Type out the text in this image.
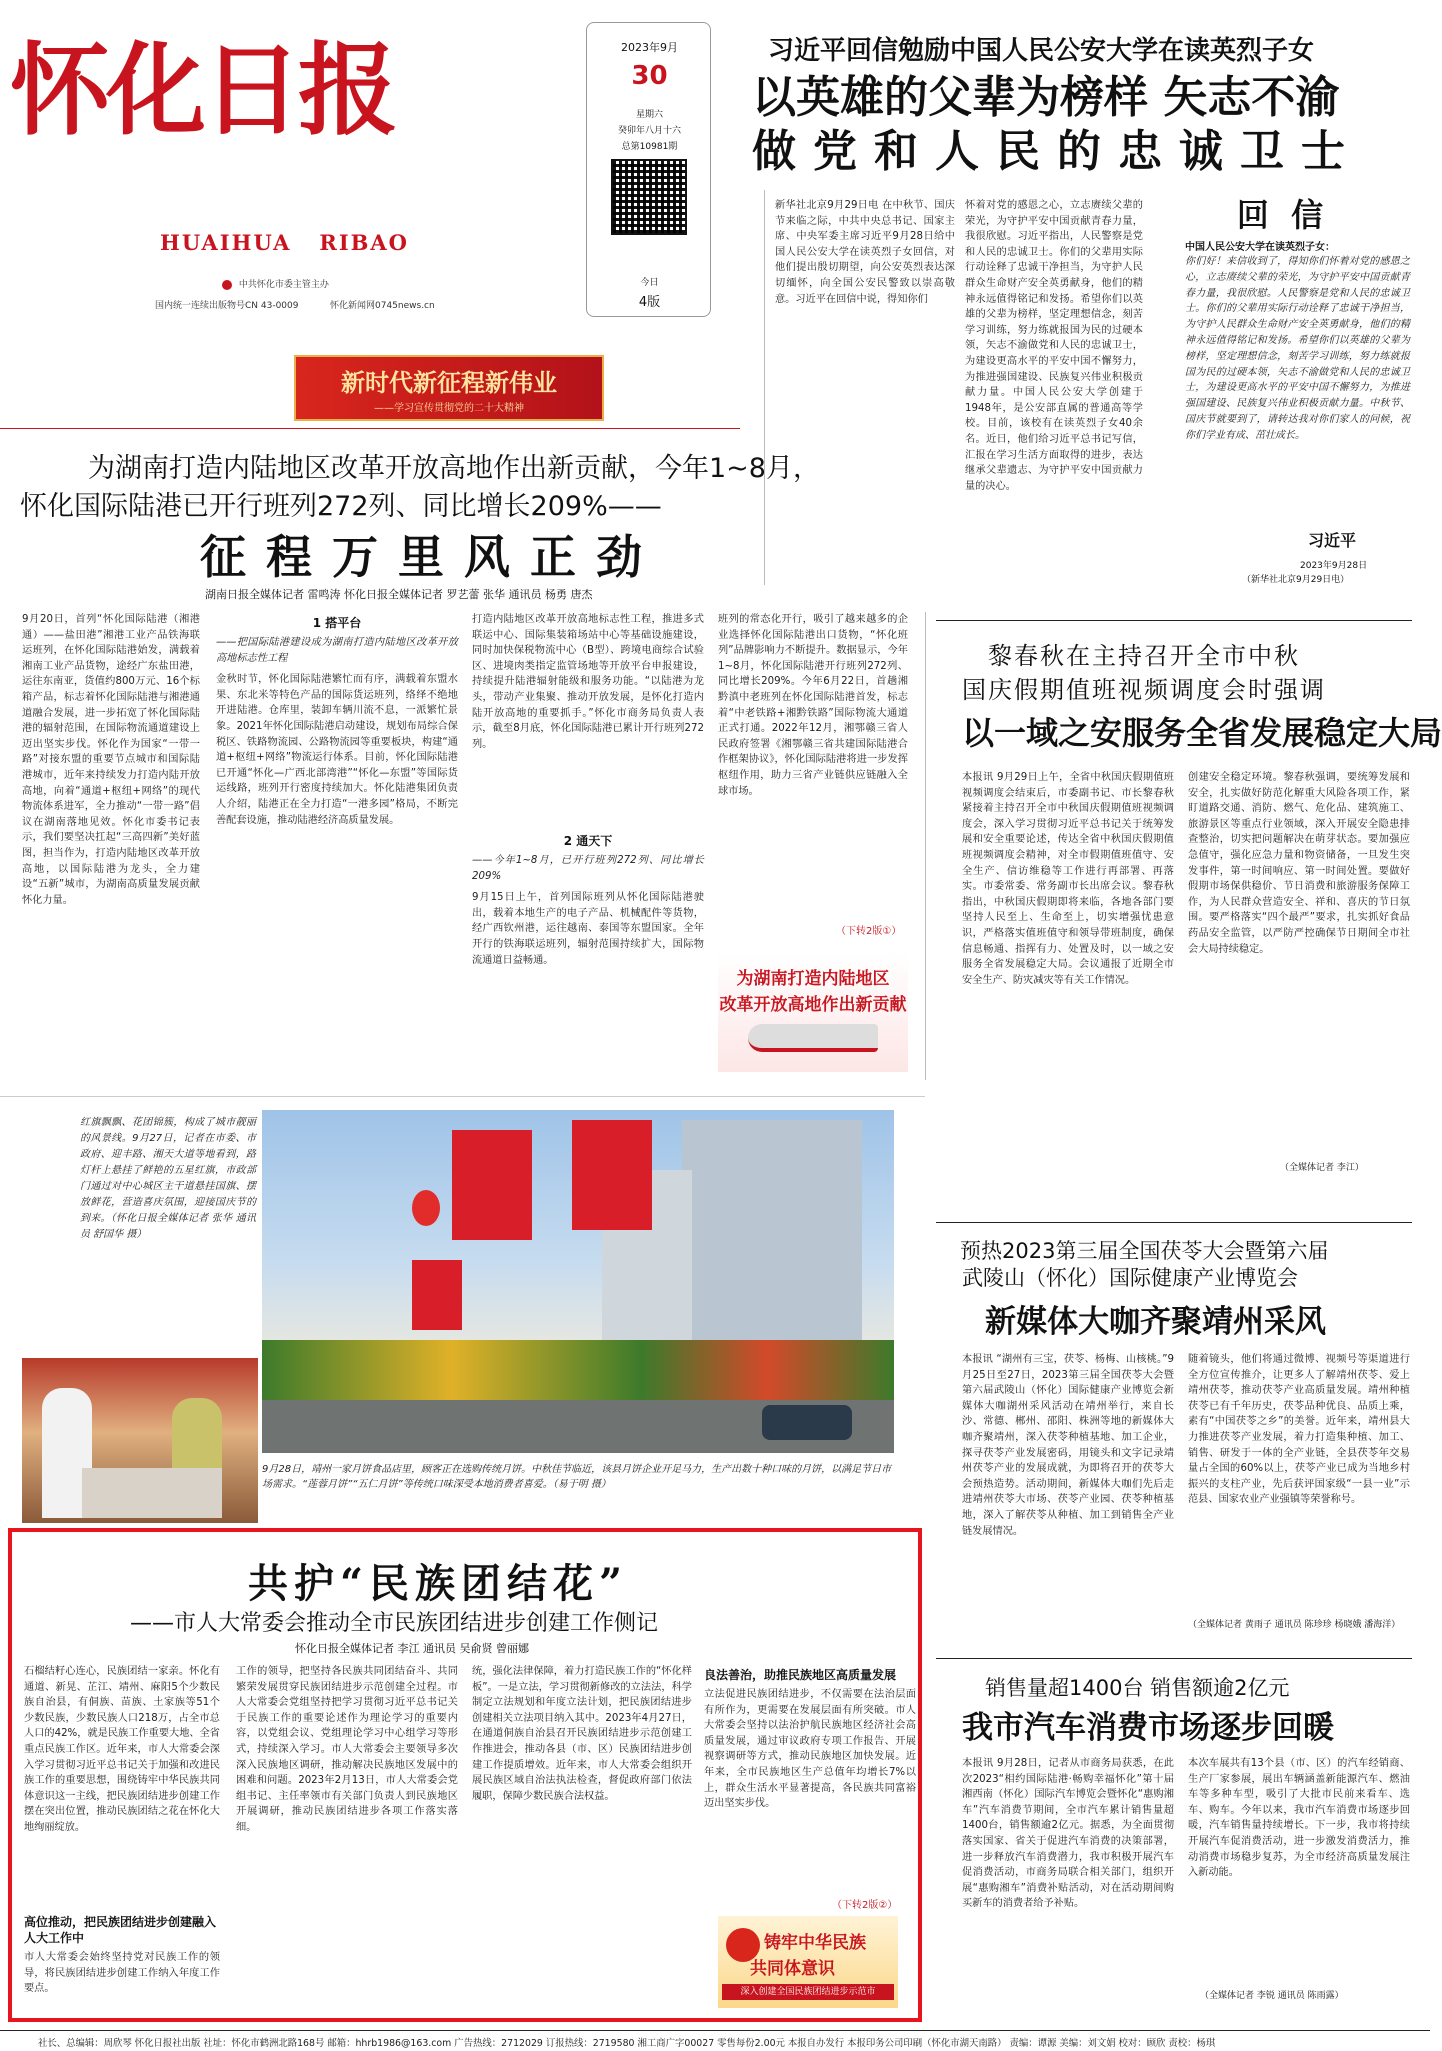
怀化日报
HUAIHUA   RIBAO
中共怀化市委主管主办
国内统一连续出版物号CN 43-0009	怀化新闻网0745news.cn
2023年9月
30
星期六
癸卯年八月十六
总第10981期
今日
4版
新时代新征程新伟业
——学习宣传贯彻党的二十大精神
习近平回信勉励中国人民公安大学在读英烈子女
以英雄的父辈为榜样 矢志不渝
做党和人民的忠诚卫士
新华社北京9月29日电 在中秋节、国庆节来临之际，中共中央总书记、国家主席、中央军委主席习近平9月28日给中国人民公安大学在读英烈子女回信，对他们提出殷切期望，向公安英烈表达深切缅怀，向全国公安民警致以崇高敬意。习近平在回信中说，得知你们
怀着对党的感恩之心，立志赓续父辈的荣光，为守护平安中国贡献青春力量，我很欣慰。习近平指出，人民警察是党和人民的忠诚卫士。你们的父辈用实际行动诠释了忠诚干净担当，为守护人民群众生命财产安全英勇献身，他们的精神永远值得铭记和发扬。希望你们以英雄的父辈为榜样，坚定理想信念，刻苦学习训练，努力练就报国为民的过硬本领，矢志不渝做党和人民的忠诚卫士，为建设更高水平的平安中国不懈努力，为推进强国建设、民族复兴伟业积极贡献力量。中国人民公安大学创建于1948年，是公安部直属的普通高等学校。目前，该校有在读英烈子女40余名。近日，他们给习近平总书记写信，汇报在学习生活方面取得的进步，表达继承父辈遗志、为守护平安中国贡献力量的决心。
回  信
中国人民公安大学在读英烈子女：
你们好！来信收到了，得知你们怀着对党的感恩之心，立志赓续父辈的荣光，为守护平安中国贡献青春力量，我很欣慰。人民警察是党和人民的忠诚卫士。你们的父辈用实际行动诠释了忠诚干净担当，为守护人民群众生命财产安全英勇献身，他们的精神永远值得铭记和发扬。希望你们以英雄的父辈为榜样，坚定理想信念，刻苦学习训练，努力练就报国为民的过硬本领，矢志不渝做党和人民的忠诚卫士，为建设更高水平的平安中国不懈努力，为推进强国建设、民族复兴伟业积极贡献力量。中秋节、国庆节就要到了，请转达我对你们家人的问候，祝你们学业有成、茁壮成长。
习近平
2023年9月28日
（新华社北京9月29日电）
为湖南打造内陆地区改革开放高地作出新贡献，今年1~8月，
怀化国际陆港已开行班列272列、同比增长209%——
征程万里风正劲
湖南日报全媒体记者 雷鸣涛 怀化日报全媒体记者 罗艺蕾 张华 通讯员 杨勇 唐杰
9月20日，首列“怀化国际陆港（湘港通）——盐田港”湘港工业产品铁海联运班列，在怀化国际陆港始发，满载着湘南工业产品货物，途经广东盐田港，运往东南亚，货值约800万元、16个标箱产品，标志着怀化国际陆港与湘港通道融合发展，进一步拓宽了怀化国际陆港的辐射范围，在国际物流通道建设上迈出坚实步伐。怀化作为国家“一带一路”对接东盟的重要节点城市和国际陆港城市，近年来持续发力打造内陆开放高地，向着“通道+枢纽+网络”的现代物流体系进军，全力推动“一带一路”倡议在湖南落地见效。怀化市委书记表示，我们要坚决扛起“三高四新”美好蓝图，担当作为，打造内陆地区改革开放高地，以国际陆港为龙头，全力建设“五新”城市，为湖南高质量发展贡献怀化力量。
1 搭平台
——把国际陆港建设成为湖南打造内陆地区改革开放高地标志性工程
金秋时节，怀化国际陆港繁忙而有序，满载着东盟水果、东北米等特色产品的国际货运班列，络绎不绝地开进陆港。仓库里，装卸车辆川流不息，一派繁忙景象。2021年怀化国际陆港启动建设，规划布局综合保税区、铁路物流园、公路物流园等重要板块，构建“通道+枢纽+网络”物流运行体系。目前，怀化国际陆港已开通“怀化—广西北部湾港”“怀化—东盟”等国际货运线路，班列开行密度持续加大。怀化陆港集团负责人介绍，陆港正在全力打造“一港多园”格局，不断完善配套设施，推动陆港经济高质量发展。
打造内陆地区改革开放高地标志性工程，推进多式联运中心、国际集装箱场站中心等基础设施建设，同时加快保税物流中心（B型）、跨境电商综合试验区、进境肉类指定监管场地等开放平台申报建设，持续提升陆港辐射能级和服务功能。“以陆港为龙头，带动产业集聚、推动开放发展，是怀化打造内陆开放高地的重要抓手。”怀化市商务局负责人表示，截至8月底，怀化国际陆港已累计开行班列272列。
2 通天下
——今年1~8月，已开行班列272列、同比增长209%
9月15日上午，首列国际班列从怀化国际陆港驶出，载着本地生产的电子产品、机械配件等货物，经广西钦州港，运往越南、泰国等东盟国家。全年开行的铁海联运班列，辐射范围持续扩大，国际物流通道日益畅通。
班列的常态化开行，吸引了越来越多的企业选择怀化国际陆港出口货物，“怀化班列”品牌影响力不断提升。数据显示，今年1~8月，怀化国际陆港开行班列272列、同比增长209%。今年6月22日，首趟湘黔滇中老班列在怀化国际陆港首发，标志着“中老铁路+湘黔铁路”国际物流大通道正式打通。2022年12月，湘鄂赣三省人民政府签署《湘鄂赣三省共建国际陆港合作框架协议》，怀化国际陆港将进一步发挥枢纽作用，助力三省产业链供应链融入全球市场。
（下转2版①）
为湖南打造内陆地区
改革开放高地作出新贡献
黎春秋在主持召开全市中秋
国庆假期值班视频调度会时强调
以一域之安服务全省发展稳定大局
本报讯 9月29日上午，全省中秋国庆假期值班视频调度会结束后，市委副书记、市长黎春秋紧接着主持召开全市中秋国庆假期值班视频调度会，深入学习贯彻习近平总书记关于统筹发展和安全重要论述，传达全省中秋国庆假期值班视频调度会精神，对全市假期值班值守、安全生产、信访维稳等工作进行再部署、再落实。市委常委、常务副市长出席会议。黎春秋指出，中秋国庆假期即将来临，各地各部门要坚持人民至上、生命至上，切实增强忧患意识，严格落实值班值守和领导带班制度，确保信息畅通、指挥有力、处置及时，以一域之安服务全省发展稳定大局。会议通报了近期全市安全生产、防灾减灾等有关工作情况。
创建安全稳定环境。黎春秋强调，要统筹发展和安全，扎实做好防范化解重大风险各项工作，紧盯道路交通、消防、燃气、危化品、建筑施工、旅游景区等重点行业领域，深入开展安全隐患排查整治，切实把问题解决在萌芽状态。要加强应急值守，强化应急力量和物资储备，一旦发生突发事件，第一时间响应、第一时间处置。要做好假期市场保供稳价、节日消费和旅游服务保障工作，为人民群众营造安全、祥和、喜庆的节日氛围。要严格落实“四个最严”要求，扎实抓好食品药品安全监管，以严防严控确保节日期间全市社会大局持续稳定。
（全媒体记者 李江）
红旗飘飘、花团锦簇，构成了城市靓丽的风景线。9月27日，记者在市委、市政府、迎丰路、湘天大道等地看到，路灯杆上悬挂了鲜艳的五星红旗，市政部门通过对中心城区主干道悬挂国旗、摆放鲜花，营造喜庆氛围，迎接国庆节的到来。（怀化日报全媒体记者 张华 通讯员 舒国华 摄）
9月28日，靖州一家月饼食品店里，顾客正在选购传统月饼。中秋佳节临近，该县月饼企业开足马力，生产出数十种口味的月饼，以满足节日市场需求。“莲蓉月饼”“五仁月饼”等传统口味深受本地消费者喜爱。（易于明 摄）
预热2023第三届全国茯苓大会暨第六届
武陵山（怀化）国际健康产业博览会
新媒体大咖齐聚靖州采风
本报讯 “湖州有三宝，茯苓、杨梅、山核桃。”9月25日至27日，2023第三届全国茯苓大会暨第六届武陵山（怀化）国际健康产业博览会新媒体大咖湖州采风活动在靖州举行，来自长沙、常德、郴州、邵阳、株洲等地的新媒体大咖齐聚靖州，深入茯苓种植基地、加工企业，探寻茯苓产业发展密码，用镜头和文字记录靖州茯苓产业的发展成就，为即将召开的茯苓大会预热造势。活动期间，新媒体大咖们先后走进靖州茯苓大市场、茯苓产业园、茯苓种植基地，深入了解茯苓从种植、加工到销售全产业链发展情况。
随着镜头，他们将通过微博、视频号等渠道进行全方位宣传推介，让更多人了解靖州茯苓、爱上靖州茯苓，推动茯苓产业高质量发展。靖州种植茯苓已有千年历史，茯苓品种优良、品质上乘，素有“中国茯苓之乡”的美誉。近年来，靖州县大力推进茯苓产业发展，着力打造集种植、加工、销售、研发于一体的全产业链，全县茯苓年交易量占全国的60%以上，茯苓产业已成为当地乡村振兴的支柱产业，先后获评国家级“一县一业”示范县、国家农业产业强镇等荣誉称号。
（全媒体记者 黄雨子 通讯员 陈珍珍 杨晓娥 潘海洋）
销售量超1400台 销售额逾2亿元
我市汽车消费市场逐步回暖
本报讯 9月28日，记者从市商务局获悉，在此次2023“相约国际陆港·畅购幸福怀化”第十届湘西南（怀化）国际汽车博览会暨怀化“惠购湘车”汽车消费节期间，全市汽车累计销售量超1400台，销售额逾2亿元。据悉，为全面贯彻落实国家、省关于促进汽车消费的决策部署，进一步释放汽车消费潜力，我市积极开展汽车促消费活动，市商务局联合相关部门，组织开展“惠购湘车”消费补贴活动，对在活动期间购买新车的消费者给予补贴。
本次车展共有13个县（市、区）的汽车经销商、生产厂家参展，展出车辆涵盖新能源汽车、燃油车等多种车型，吸引了大批市民前来看车、选车、购车。今年以来，我市汽车消费市场逐步回暖，汽车销售量持续增长。下一步，我市将持续开展汽车促消费活动，进一步激发消费活力，推动消费市场稳步复苏，为全市经济高质量发展注入新动能。
（全媒体记者 李锐 通讯员 陈雨露）
共护“民族团结花”
——市人大常委会推动全市民族团结进步创建工作侧记
怀化日报全媒体记者 李江 通讯员 吴俞贤 曾丽娜
石榴结籽心连心，民族团结一家亲。怀化有通道、新晃、芷江、靖州、麻阳5个少数民族自治县，有侗族、苗族、土家族等51个少数民族，少数民族人口218万，占全市总人口的42%，就是民族工作重要大地、全省重点民族工作区。近年来，市人大常委会深入学习贯彻习近平总书记关于加强和改进民族工作的重要思想，围绕铸牢中华民族共同体意识这一主线，把民族团结进步创建工作摆在突出位置，推动民族团结之花在怀化大地绚丽绽放。
高位推动，把民族团结进步创建融入人大工作中
市人大常委会始终坚持党对民族工作的领导，将民族团结进步创建工作纳入年度工作要点。
工作的领导，把坚持各民族共同团结奋斗、共同繁荣发展贯穿民族团结进步示范创建全过程。市人大常委会党组坚持把学习贯彻习近平总书记关于民族工作的重要论述作为理论学习的重要内容，以党组会议、党组理论学习中心组学习等形式，持续深入学习。市人大常委会主要领导多次深入民族地区调研，推动解决民族地区发展中的困难和问题。2023年2月13日，市人大常委会党组书记、主任率领市有关部门负责人到民族地区开展调研，推动民族团结进步各项工作落实落细。
统，强化法律保障，着力打造民族工作的“怀化样板”。一是立法，学习贯彻新修改的立法法，科学制定立法规划和年度立法计划，把民族团结进步创建相关立法项目纳入其中。2023年4月27日，在通道侗族自治县召开民族团结进步示范创建工作推进会，推动各县（市、区）民族团结进步创建工作提质增效。近年来，市人大常委会组织开展民族区域自治法执法检查，督促政府部门依法履职，保障少数民族合法权益。
良法善治，助推民族地区高质量发展
立法促进民族团结进步，不仅需要在法治层面有所作为，更需要在发展层面有所突破。市人大常委会坚持以法治护航民族地区经济社会高质量发展，通过审议政府专项工作报告、开展视察调研等方式，推动民族地区加快发展。近年来，全市民族地区生产总值年均增长7%以上，群众生活水平显著提高，各民族共同富裕迈出坚实步伐。
（下转2版②）
铸牢中华民族
共同体意识
深入创建全国民族团结进步示范市
社长、总编辑：周欣琴 怀化日报社出版 社址：怀化市鹤洲北路168号 邮箱：hhrb1986@163.com 广告热线：2712029 订报热线：2719580 湘工商广字00027 零售每份2.00元 本报自办发行 本报印务公司印刷（怀化市湖天南路） 责编：谭源 美编：刘文娟 校对：顾欣 责校：杨琪
